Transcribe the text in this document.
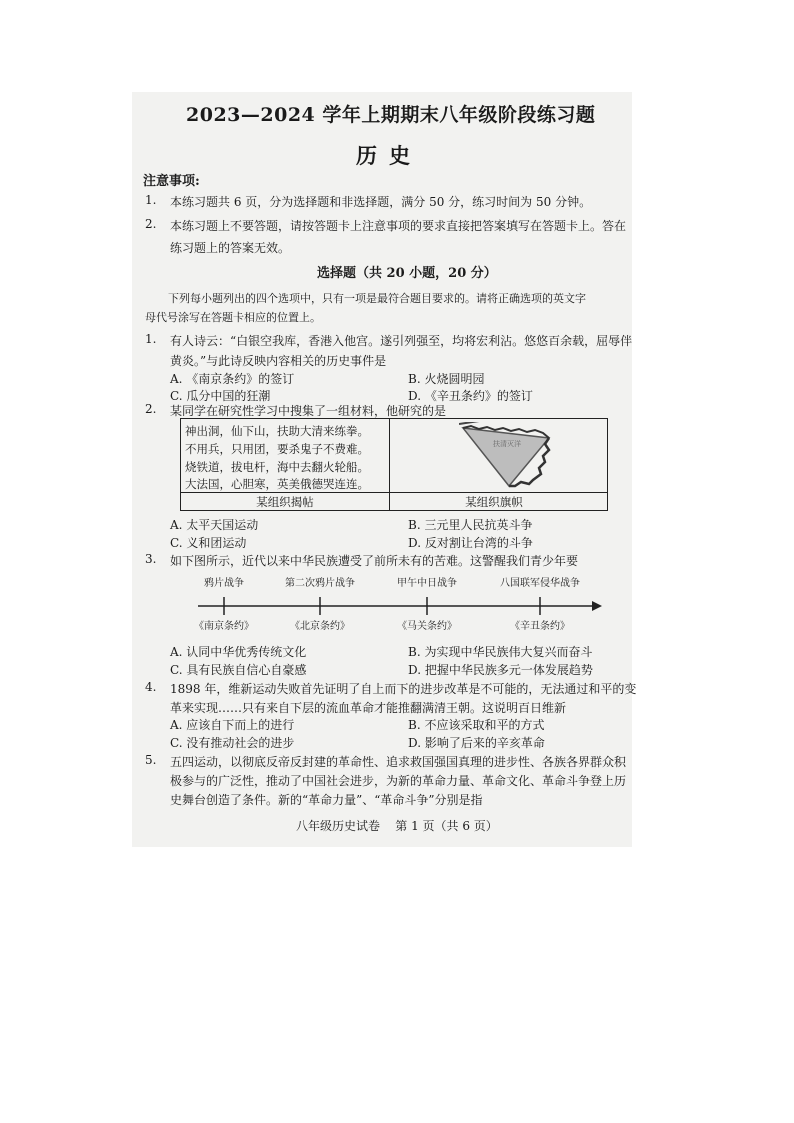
2023—2024 学年上期期末八年级阶段练习题
历史
注意事项:
1. 本练习题共 6 页，分为选择题和非选择题，满分 50 分，练习时间为 50 分钟。
2. 本练习题上不要答题，请按答题卡上注意事项的要求直接把答案填写在答题卡上。答在
练习题上的答案无效。
选择题（共 20 小题，20 分）
下列每小题列出的四个选项中，只有一项是最符合题目要求的。请将正确选项的英文字
母代号涂写在答题卡相应的位置上。
1. 有人诗云：“白银空我库，香港入他宫。遂引列强至，均将宏利沾。悠悠百余载，屈辱伴
黄炎。”与此诗反映内容相关的历史事件是
A. 《南京条约》的签订	B. 火烧圆明园
C. 瓜分中国的狂潮	D. 《辛丑条约》的签订
2. 某同学在研究性学习中搜集了一组材料，他研究的是
神出洞，仙下山，扶助大清来练拳。
不用兵，只用团，要杀鬼子不费难。
烧铁道，拔电杆，海中去翻火轮船。
大法国，心胆寒，英美俄德哭连连。
扶清灭洋
某组织揭帖	某组织旗帜
A. 太平天国运动	B. 三元里人民抗英斗争
C. 义和团运动	D. 反对割让台湾的斗争
3. 如下图所示，近代以来中华民族遭受了前所未有的苦难。这警醒我们青少年要
鸦片战争	第二次鸦片战争	甲午中日战争	八国联军侵华战争
《南京条约》	《北京条约》	《马关条约》	《辛丑条约》
A. 认同中华优秀传统文化	B. 为实现中华民族伟大复兴而奋斗
C. 具有民族自信心自豪感	D. 把握中华民族多元一体发展趋势
4. 1898 年，维新运动失败首先证明了自上而下的进步改革是不可能的，无法通过和平的变
革来实现……只有来自下层的流血革命才能推翻满清王朝。这说明百日维新
A. 应该自下而上的进行	B. 不应该采取和平的方式
C. 没有推动社会的进步	D. 影响了后来的辛亥革命
5. 五四运动，以彻底反帝反封建的革命性、追求救国强国真理的进步性、各族各界群众积
极参与的广泛性，推动了中国社会进步，为新的革命力量、革命文化、革命斗争登上历
史舞台创造了条件。新的“革命力量”、“革命斗争”分别是指
八年级历史试卷    第 1 页（共 6 页）
